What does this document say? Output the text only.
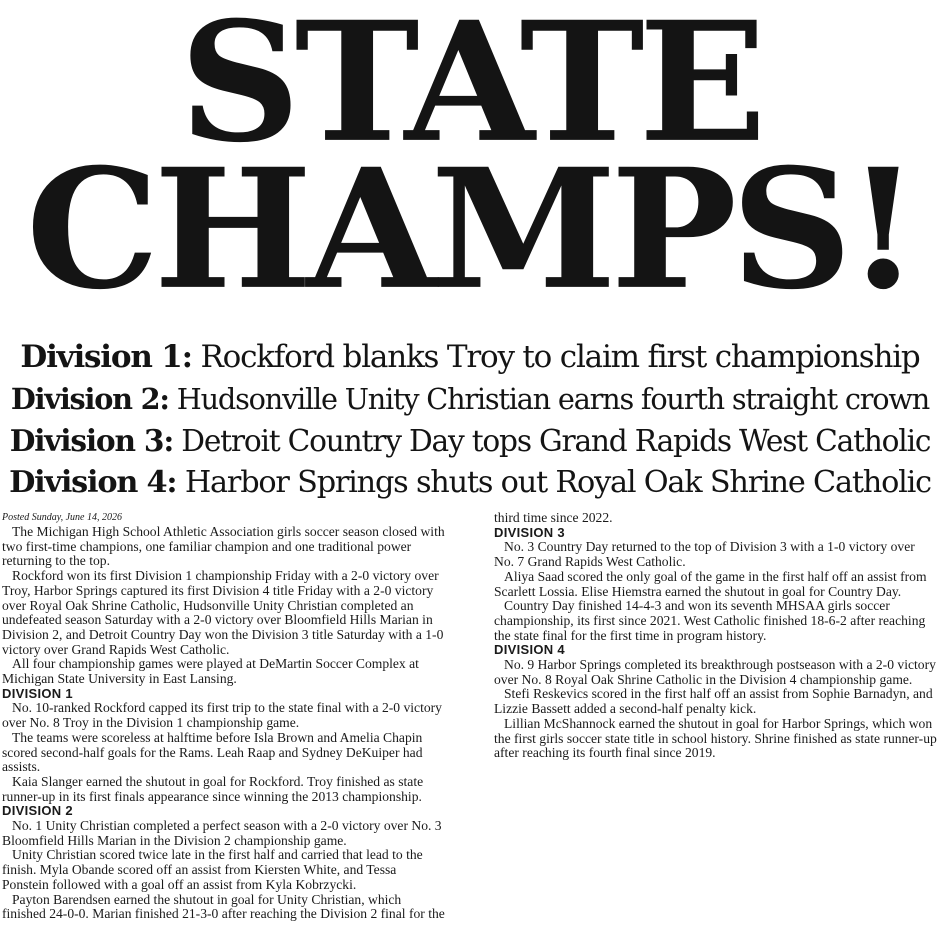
STATE
CHAMPS!
Division 1: Rockford blanks Troy to claim first championship
Division 2: Hudsonville Unity Christian earns fourth straight crown
Division 3: Detroit Country Day tops Grand Rapids West Catholic
Division 4: Harbor Springs shuts out Royal Oak Shrine Catholic

Posted Sunday, June 14, 2026

The Michigan High School Athletic Association girls soccer season closed with two first-time champions, one familiar champion and one traditional power returning to the top.

Rockford won its first Division 1 championship Friday with a 2-0 victory over Troy, Harbor Springs captured its first Division 4 title Friday with a 2-0 victory over Royal Oak Shrine Catholic, Hudsonville Unity Christian completed an undefeated season Saturday with a 2-0 victory over Bloomfield Hills Marian in Division 2, and Detroit Country Day won the Division 3 title Saturday with a 1-0 victory over Grand Rapids West Catholic.

All four championship games were played at DeMartin Soccer Complex at Michigan State University in East Lansing.

DIVISION 1

No. 10-ranked Rockford capped its first trip to the state final with a 2-0 victory over No. 8 Troy in the Division 1 championship game.

The teams were scoreless at halftime before Isla Brown and Amelia Chapin scored second-half goals for the Rams. Leah Raap and Sydney DeKuiper had assists.

Kaia Slanger earned the shutout in goal for Rockford. Troy finished as state runner-up in its first finals appearance since winning the 2013 championship.

DIVISION 2

No. 1 Unity Christian completed a perfect season with a 2-0 victory over No. 3 Bloomfield Hills Marian in the Division 2 championship game.

Unity Christian scored twice late in the first half and carried that lead to the finish. Myla Obande scored off an assist from Kiersten White, and Tessa Ponstein followed with a goal off an assist from Kyla Kobrzycki.

Payton Barendsen earned the shutout in goal for Unity Christian, which finished 24-0-0. Marian finished 21-3-0 after reaching the Division 2 final for the third time since 2022.

DIVISION 3

No. 3 Country Day returned to the top of Division 3 with a 1-0 victory over No. 7 Grand Rapids West Catholic.

Aliya Saad scored the only goal of the game in the first half off an assist from Scarlett Lossia. Elise Hiemstra earned the shutout in goal for Country Day.

Country Day finished 14-4-3 and won its seventh MHSAA girls soccer championship, its first since 2021. West Catholic finished 18-6-2 after reaching the state final for the first time in program history.

DIVISION 4

No. 9 Harbor Springs completed its breakthrough postseason with a 2-0 victory over No. 8 Royal Oak Shrine Catholic in the Division 4 championship game.

Stefi Reskevics scored in the first half off an assist from Sophie Barnadyn, and Lizzie Bassett added a second-half penalty kick.

Lillian McShannock earned the shutout in goal for Harbor Springs, which won the first girls soccer state title in school history. Shrine finished as state runner-up after reaching its fourth final since 2019.
